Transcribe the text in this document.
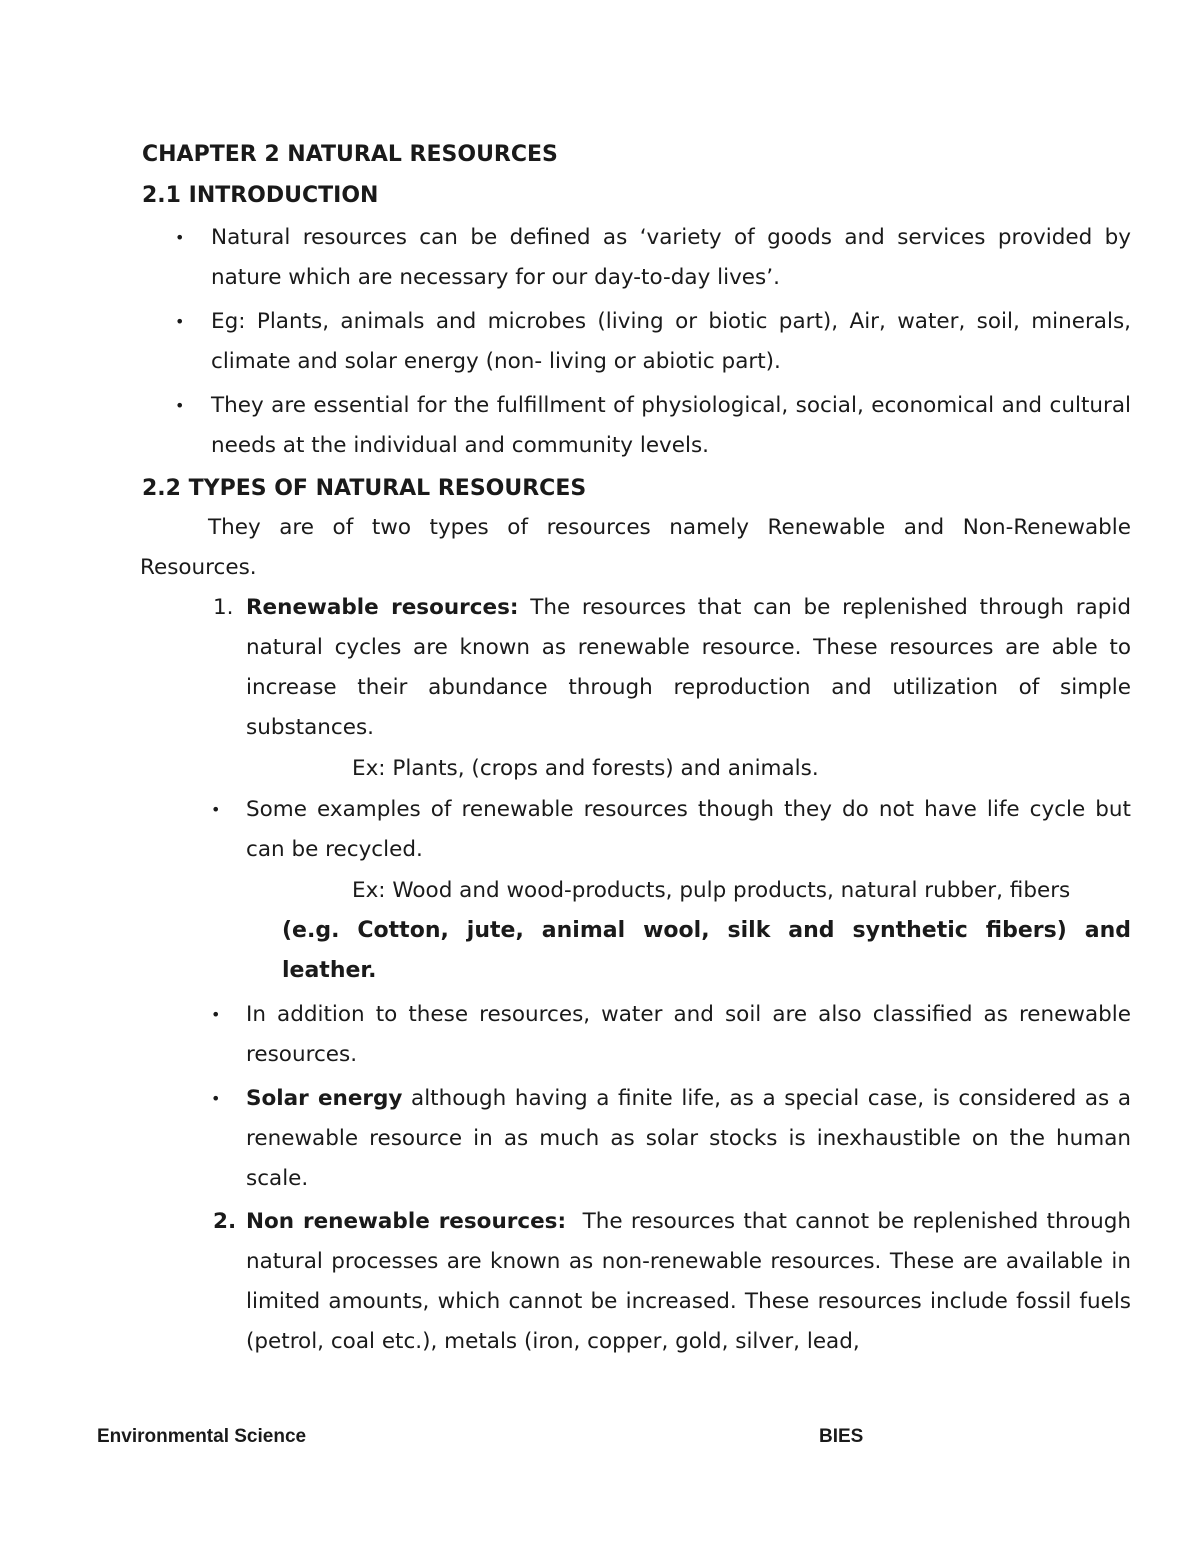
CHAPTER 2 NATURAL RESOURCES
2.1 INTRODUCTION
• Natural resources can be defined as ‘variety of goods and services provided by nature which are necessary for our day-to-day lives’.
• Eg: Plants, animals and microbes (living or biotic part), Air, water, soil, minerals, climate and solar energy (non- living or abiotic part).
• They are essential for the fulfillment of physiological, social, economical and cultural needs at the individual and community levels.
2.2 TYPES OF NATURAL RESOURCES
They are of two types of resources namely Renewable and Non-Renewable Resources.
1. Renewable resources: The resources that can be replenished through rapid natural cycles are known as renewable resource. These resources are able to increase their abundance through reproduction and utilization of simple substances.
Ex: Plants, (crops and forests) and animals.
• Some examples of renewable resources though they do not have life cycle but can be recycled.
Ex: Wood and wood-products, pulp products, natural rubber, fibers
(e.g. Cotton, jute, animal wool, silk and synthetic fibers) and leather.
• In addition to these resources, water and soil are also classified as renewable resources.
• Solar energy although having a finite life, as a special case, is considered as a renewable resource in as much as solar stocks is inexhaustible on the human scale.
2. Non renewable resources:  The resources that cannot be replenished through natural processes are known as non-renewable resources. These are available in limited amounts, which cannot be increased. These resources include fossil fuels (petrol, coal etc.), metals (iron, copper, gold, silver, lead,
Environmental Science	BIES
